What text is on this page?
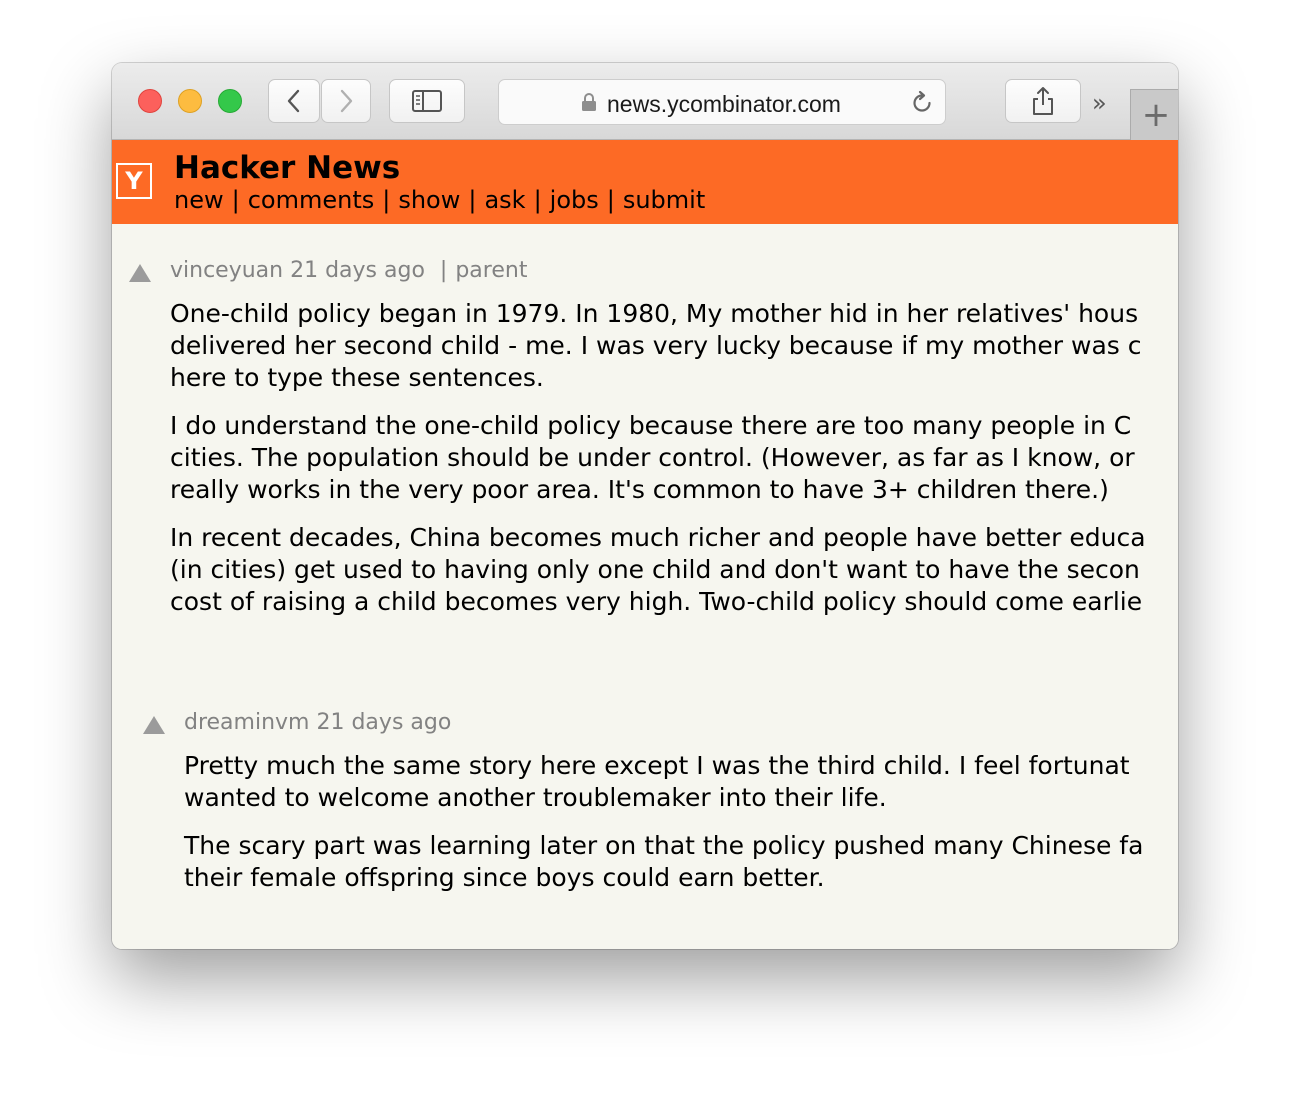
news.ycombinator.com	»	+
Y	Hacker News
new | comments | show | ask | jobs | submit
vinceyuan 21 days ago | parent

One-child policy began in 1979. In 1980, My mother hid in her relatives' hous
delivered her second child - me. I was very lucky because if my mother was c
here to type these sentences.

I do understand the one-child policy because there are too many people in C
cities. The population should be under control. (However, as far as I know, or
really works in the very poor area. It's common to have 3+ children there.)

In recent decades, China becomes much richer and people have better educa
(in cities) get used to having only one child and don't want to have the secon
cost of raising a child becomes very high. Two-child policy should come earlie

dreaminvm 21 days ago

Pretty much the same story here except I was the third child. I feel fortunat
wanted to welcome another troublemaker into their life.

The scary part was learning later on that the policy pushed many Chinese fa
their female offspring since boys could earn better.
